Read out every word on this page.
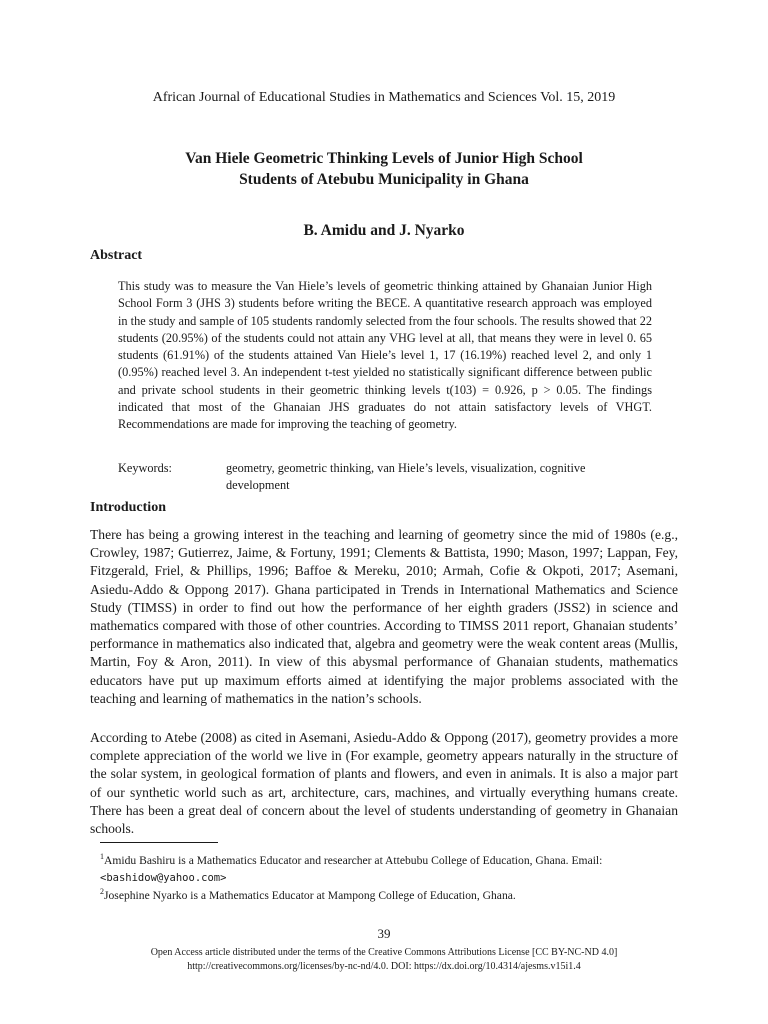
African Journal of Educational Studies in Mathematics and Sciences Vol. 15, 2019
Van Hiele Geometric Thinking Levels of Junior High School
Students of Atebubu Municipality in Ghana
B. Amidu and J. Nyarko
Abstract
This study was to measure the Van Hiele’s levels of geometric thinking attained by Ghanaian Junior High School Form 3 (JHS 3) students before writing the BECE. A quantitative research approach was employed in the study and sample of 105 students randomly selected from the four schools. The results showed that 22 students (20.95%) of the students could not attain any VHG level at all, that means they were in level 0. 65 students (61.91%) of the students attained Van Hiele’s level 1, 17 (16.19%) reached level 2, and only 1 (0.95%) reached level 3. An independent t-test yielded no statistically significant difference between public and private school students in their geometric thinking levels t(103) = 0.926, p > 0.05. The findings indicated that most of the Ghanaian JHS graduates do not attain satisfactory levels of VHGT. Recommendations are made for improving the teaching of geometry.
Keywords:	geometry, geometric thinking, van Hiele’s levels, visualization, cognitive development
Introduction
There has being a growing interest in the teaching and learning of geometry since the mid of 1980s (e.g., Crowley, 1987; Gutierrez, Jaime, & Fortuny, 1991; Clements & Battista, 1990; Mason, 1997; Lappan, Fey, Fitzgerald, Friel, & Phillips, 1996; Baffoe & Mereku, 2010; Armah, Cofie & Okpoti, 2017; Asemani, Asiedu-Addo & Oppong 2017). Ghana participated in Trends in International Mathematics and Science Study (TIMSS) in order to find out how the performance of her eighth graders (JSS2) in science and mathematics compared with those of other countries. According to TIMSS 2011 report, Ghanaian students’ performance in mathematics also indicated that, algebra and geometry were the weak content areas (Mullis, Martin, Foy & Aron, 2011). In view of this abysmal performance of Ghanaian students, mathematics educators have put up maximum efforts aimed at identifying the major problems associated with the teaching and learning of mathematics in the nation’s schools.
According to Atebe (2008) as cited in Asemani, Asiedu-Addo & Oppong (2017), geometry provides a more complete appreciation of the world we live in (For example, geometry appears naturally in the structure of the solar system, in geological formation of plants and flowers, and even in animals. It is also a major part of our synthetic world such as art, architecture, cars, machines, and virtually everything humans create. There has been a great deal of concern about the level of students understanding of geometry in Ghanaian schools.

$^1$Amidu Bashiru is a Mathematics Educator and researcher at Attebubu College of Education, Ghana. Email:
<bashidow@yahoo.com>

$^2$Josephine Nyarko is a Mathematics Educator at Mampong College of Education, Ghana.

39
Open Access article distributed under the terms of the Creative Commons Attributions License [CC BY-NC-ND 4.0]
http://creativecommons.org/licenses/by-nc-nd/4.0. DOI: https://dx.doi.org/10.4314/ajesms.v15i1.4
